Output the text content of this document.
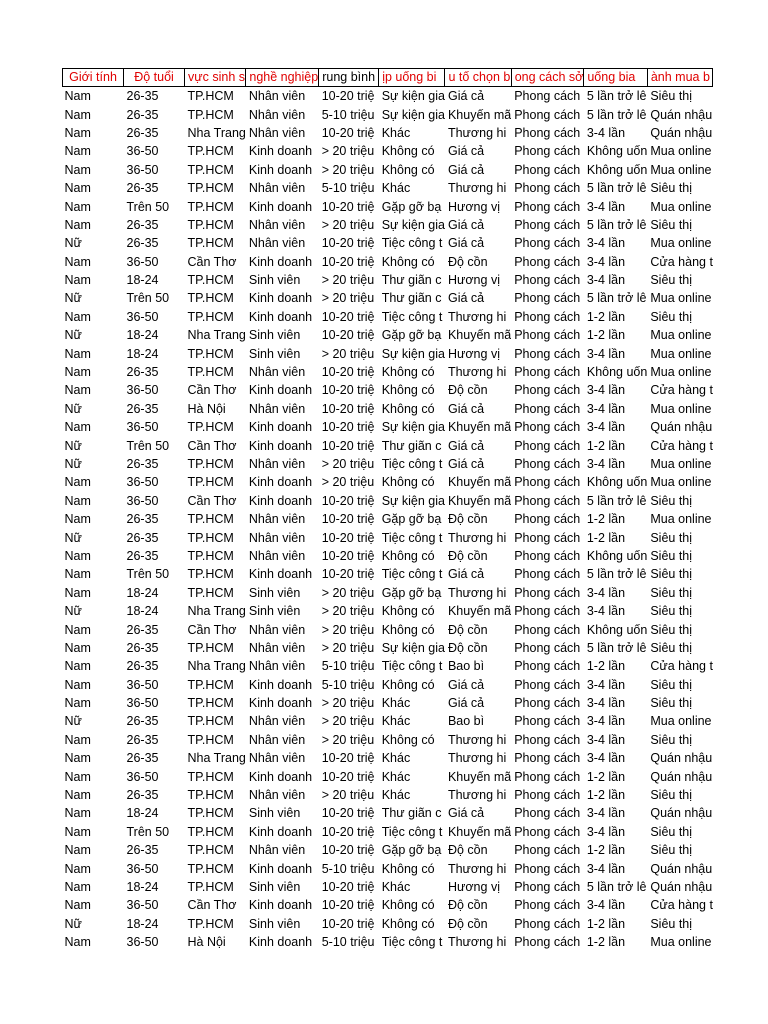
Giới tính	Độ tuổi	vực sinh s	nghề nghiệp	rung bình	ịp uống bi	u tố chọn b	ong cách sở	uống bia	ành mua b
Nam	26-35	TP.HCM	Nhân viên	10-20 triệ	Sự kiện gia	Giá cả	Phong cách	5 lần trở lê	Siêu thị
Nam	26-35	TP.HCM	Nhân viên	5-10 triệu	Sự kiện gia	Khuyến mã	Phong cách	5 lần trở lê	Quán nhậu
Nam	26-35	Nha Trang	Nhân viên	10-20 triệ	Khác	Thương hi	Phong cách	3-4 lần	Quán nhậu
Nam	36-50	TP.HCM	Kinh doanh	> 20 triệu	Không có	Giá cả	Phong cách	Không uốn	Mua online
Nam	36-50	TP.HCM	Kinh doanh	> 20 triệu	Không có	Giá cả	Phong cách	Không uốn	Mua online
Nam	26-35	TP.HCM	Nhân viên	5-10 triệu	Khác	Thương hi	Phong cách	5 lần trở lê	Siêu thị
Nam	Trên 50	TP.HCM	Kinh doanh	10-20 triệ	Gặp gỡ bạ	Hương vị	Phong cách	3-4 lần	Mua online
Nam	26-35	TP.HCM	Nhân viên	> 20 triệu	Sự kiện gia	Giá cả	Phong cách	5 lần trở lê	Siêu thị
Nữ	26-35	TP.HCM	Nhân viên	10-20 triệ	Tiệc công t	Giá cả	Phong cách	3-4 lần	Mua online
Nam	36-50	Cần Thơ	Kinh doanh	10-20 triệ	Không có	Độ cồn	Phong cách	3-4 lần	Cửa hàng t
Nam	18-24	TP.HCM	Sinh viên	> 20 triệu	Thư giãn c	Hương vị	Phong cách	3-4 lần	Siêu thị
Nữ	Trên 50	TP.HCM	Kinh doanh	> 20 triệu	Thư giãn c	Giá cả	Phong cách	5 lần trở lê	Mua online
Nam	36-50	TP.HCM	Kinh doanh	10-20 triệ	Tiệc công t	Thương hi	Phong cách	1-2 lần	Siêu thị
Nữ	18-24	Nha Trang	Sinh viên	10-20 triệ	Gặp gỡ bạ	Khuyến mã	Phong cách	1-2 lần	Mua online
Nam	18-24	TP.HCM	Sinh viên	> 20 triệu	Sự kiện gia	Hương vị	Phong cách	3-4 lần	Mua online
Nam	26-35	TP.HCM	Nhân viên	10-20 triệ	Không có	Thương hi	Phong cách	Không uốn	Mua online
Nam	36-50	Cần Thơ	Kinh doanh	10-20 triệ	Không có	Độ cồn	Phong cách	3-4 lần	Cửa hàng t
Nữ	26-35	Hà Nội	Nhân viên	10-20 triệ	Không có	Giá cả	Phong cách	3-4 lần	Mua online
Nam	36-50	TP.HCM	Kinh doanh	10-20 triệ	Sự kiện gia	Khuyến mã	Phong cách	3-4 lần	Quán nhậu
Nữ	Trên 50	Cần Thơ	Kinh doanh	10-20 triệ	Thư giãn c	Giá cả	Phong cách	1-2 lần	Cửa hàng t
Nữ	26-35	TP.HCM	Nhân viên	> 20 triệu	Tiệc công t	Giá cả	Phong cách	3-4 lần	Mua online
Nam	36-50	TP.HCM	Kinh doanh	> 20 triệu	Không có	Khuyến mã	Phong cách	Không uốn	Mua online
Nam	36-50	Cần Thơ	Kinh doanh	10-20 triệ	Sự kiện gia	Khuyến mã	Phong cách	5 lần trở lê	Siêu thị
Nam	26-35	TP.HCM	Nhân viên	10-20 triệ	Gặp gỡ bạ	Độ cồn	Phong cách	1-2 lần	Mua online
Nữ	26-35	TP.HCM	Nhân viên	10-20 triệ	Tiệc công t	Thương hi	Phong cách	1-2 lần	Siêu thị
Nam	26-35	TP.HCM	Nhân viên	10-20 triệ	Không có	Độ cồn	Phong cách	Không uốn	Siêu thị
Nam	Trên 50	TP.HCM	Kinh doanh	10-20 triệ	Tiệc công t	Giá cả	Phong cách	5 lần trở lê	Siêu thị
Nam	18-24	TP.HCM	Sinh viên	> 20 triệu	Gặp gỡ bạ	Thương hi	Phong cách	3-4 lần	Siêu thị
Nữ	18-24	Nha Trang	Sinh viên	> 20 triệu	Không có	Khuyến mã	Phong cách	3-4 lần	Siêu thị
Nam	26-35	Cần Thơ	Nhân viên	> 20 triệu	Không có	Độ cồn	Phong cách	Không uốn	Siêu thị
Nam	26-35	TP.HCM	Nhân viên	> 20 triệu	Sự kiện gia	Độ cồn	Phong cách	5 lần trở lê	Siêu thị
Nam	26-35	Nha Trang	Nhân viên	5-10 triệu	Tiệc công t	Bao bì	Phong cách	1-2 lần	Cửa hàng t
Nam	36-50	TP.HCM	Kinh doanh	5-10 triệu	Không có	Giá cả	Phong cách	3-4 lần	Siêu thị
Nam	36-50	TP.HCM	Kinh doanh	> 20 triệu	Khác	Giá cả	Phong cách	3-4 lần	Siêu thị
Nữ	26-35	TP.HCM	Nhân viên	> 20 triệu	Khác	Bao bì	Phong cách	3-4 lần	Mua online
Nam	26-35	TP.HCM	Nhân viên	> 20 triệu	Không có	Thương hi	Phong cách	3-4 lần	Siêu thị
Nam	26-35	Nha Trang	Nhân viên	10-20 triệ	Khác	Thương hi	Phong cách	3-4 lần	Quán nhậu
Nam	36-50	TP.HCM	Kinh doanh	10-20 triệ	Khác	Khuyến mã	Phong cách	1-2 lần	Quán nhậu
Nam	26-35	TP.HCM	Nhân viên	> 20 triệu	Khác	Thương hi	Phong cách	1-2 lần	Siêu thị
Nam	18-24	TP.HCM	Sinh viên	10-20 triệ	Thư giãn c	Giá cả	Phong cách	3-4 lần	Quán nhậu
Nam	Trên 50	TP.HCM	Kinh doanh	10-20 triệ	Tiệc công t	Khuyến mã	Phong cách	3-4 lần	Siêu thị
Nam	26-35	TP.HCM	Nhân viên	10-20 triệ	Gặp gỡ bạ	Độ cồn	Phong cách	1-2 lần	Siêu thị
Nam	36-50	TP.HCM	Kinh doanh	5-10 triệu	Không có	Thương hi	Phong cách	3-4 lần	Quán nhậu
Nam	18-24	TP.HCM	Sinh viên	10-20 triệ	Khác	Hương vị	Phong cách	5 lần trở lê	Quán nhậu
Nam	36-50	Cần Thơ	Kinh doanh	10-20 triệ	Không có	Độ cồn	Phong cách	3-4 lần	Cửa hàng t
Nữ	18-24	TP.HCM	Sinh viên	10-20 triệ	Không có	Độ cồn	Phong cách	1-2 lần	Siêu thị
Nam	36-50	Hà Nội	Kinh doanh	5-10 triệu	Tiệc công t	Thương hi	Phong cách	1-2 lần	Mua online
